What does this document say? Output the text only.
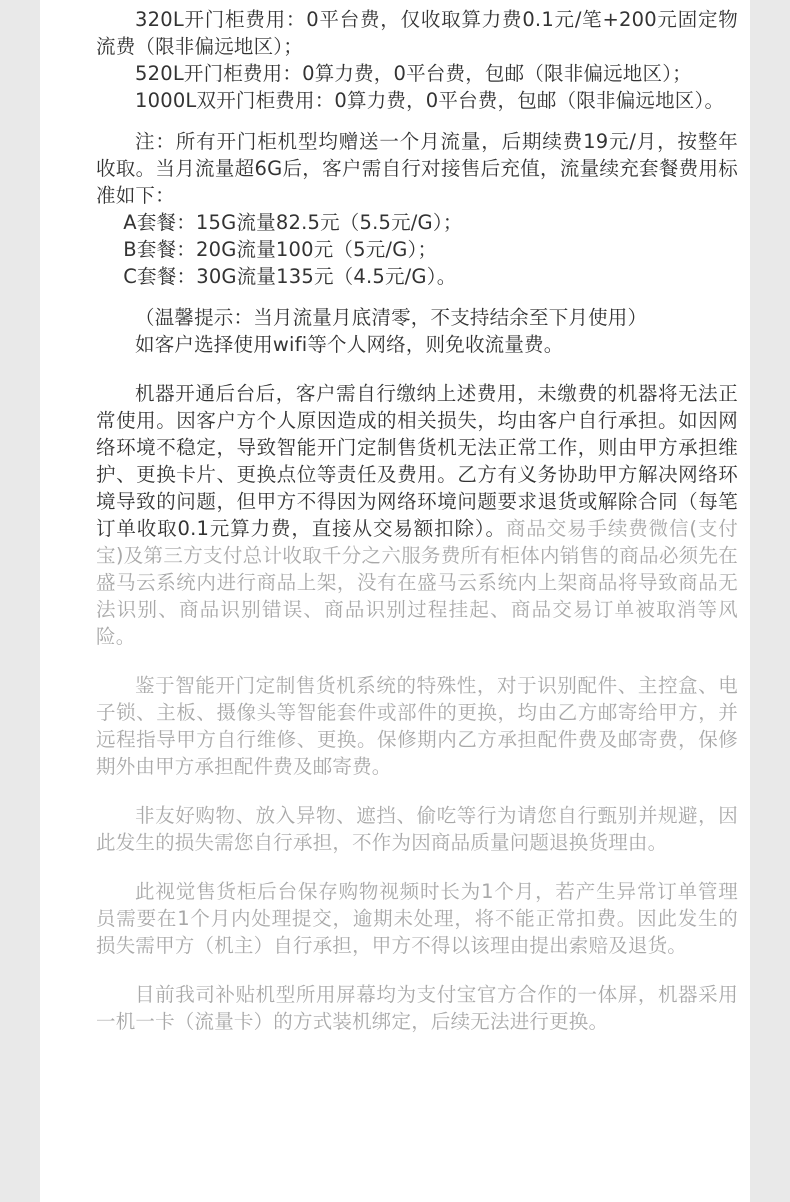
320L开门柜费用：0平台费，仅收取算力费0.1元/笔+200元固定物流费（限非偏远地区）；

520L开门柜费用：0算力费，0平台费，包邮（限非偏远地区）；

1000L双开门柜费用：0算力费，0平台费，包邮（限非偏远地区）。

注：所有开门柜机型均赠送一个月流量，后期续费19元/月，按整年收取。当月流量超6G后，客户需自行对接售后充值，流量续充套餐费用标准如下：

A套餐：15G流量82.5元（5.5元/G）；

B套餐：20G流量100元（5元/G）；

C套餐：30G流量135元（4.5元/G）。

（温馨提示：当月流量月底清零，不支持结余至下月使用）

如客户选择使用wifi等个人网络，则免收流量费。

机器开通后台后，客户需自行缴纳上述费用，未缴费的机器将无法正常使用。因客户方个人原因造成的相关损失，均由客户自行承担。如因网络环境不稳定，导致智能开门定制售货机无法正常工作，则由甲方承担维护、更换卡片、更换点位等责任及费用。乙方有义务协助甲方解决网络环境导致的问题，但甲方不得因为网络环境问题要求退货或解除合同（每笔订单收取0.1元算力费，直接从交易额扣除）。商品交易手续费微信(支付宝)及第三方支付总计收取千分之六服务费所有柜体内销售的商品必须先在盛马云系统内进行商品上架，没有在盛马云系统内上架商品将导致商品无法识别、商品识别错误、商品识别过程挂起、商品交易订单被取消等风险。

鉴于智能开门定制售货机系统的特殊性，对于识别配件、主控盒、电子锁、主板、摄像头等智能套件或部件的更换，均由乙方邮寄给甲方，并远程指导甲方自行维修、更换。保修期内乙方承担配件费及邮寄费，保修期外由甲方承担配件费及邮寄费。

非友好购物、放入异物、遮挡、偷吃等行为请您自行甄别并规避，因此发生的损失需您自行承担，不作为因商品质量问题退换货理由。

此视觉售货柜后台保存购物视频时长为1个月，若产生异常订单管理员需要在1个月内处理提交，逾期未处理，将不能正常扣费。因此发生的损失需甲方（机主）自行承担，甲方不得以该理由提出索赔及退货。

目前我司补贴机型所用屏幕均为支付宝官方合作的一体屏，机器采用一机一卡（流量卡）的方式装机绑定，后续无法进行更换。
